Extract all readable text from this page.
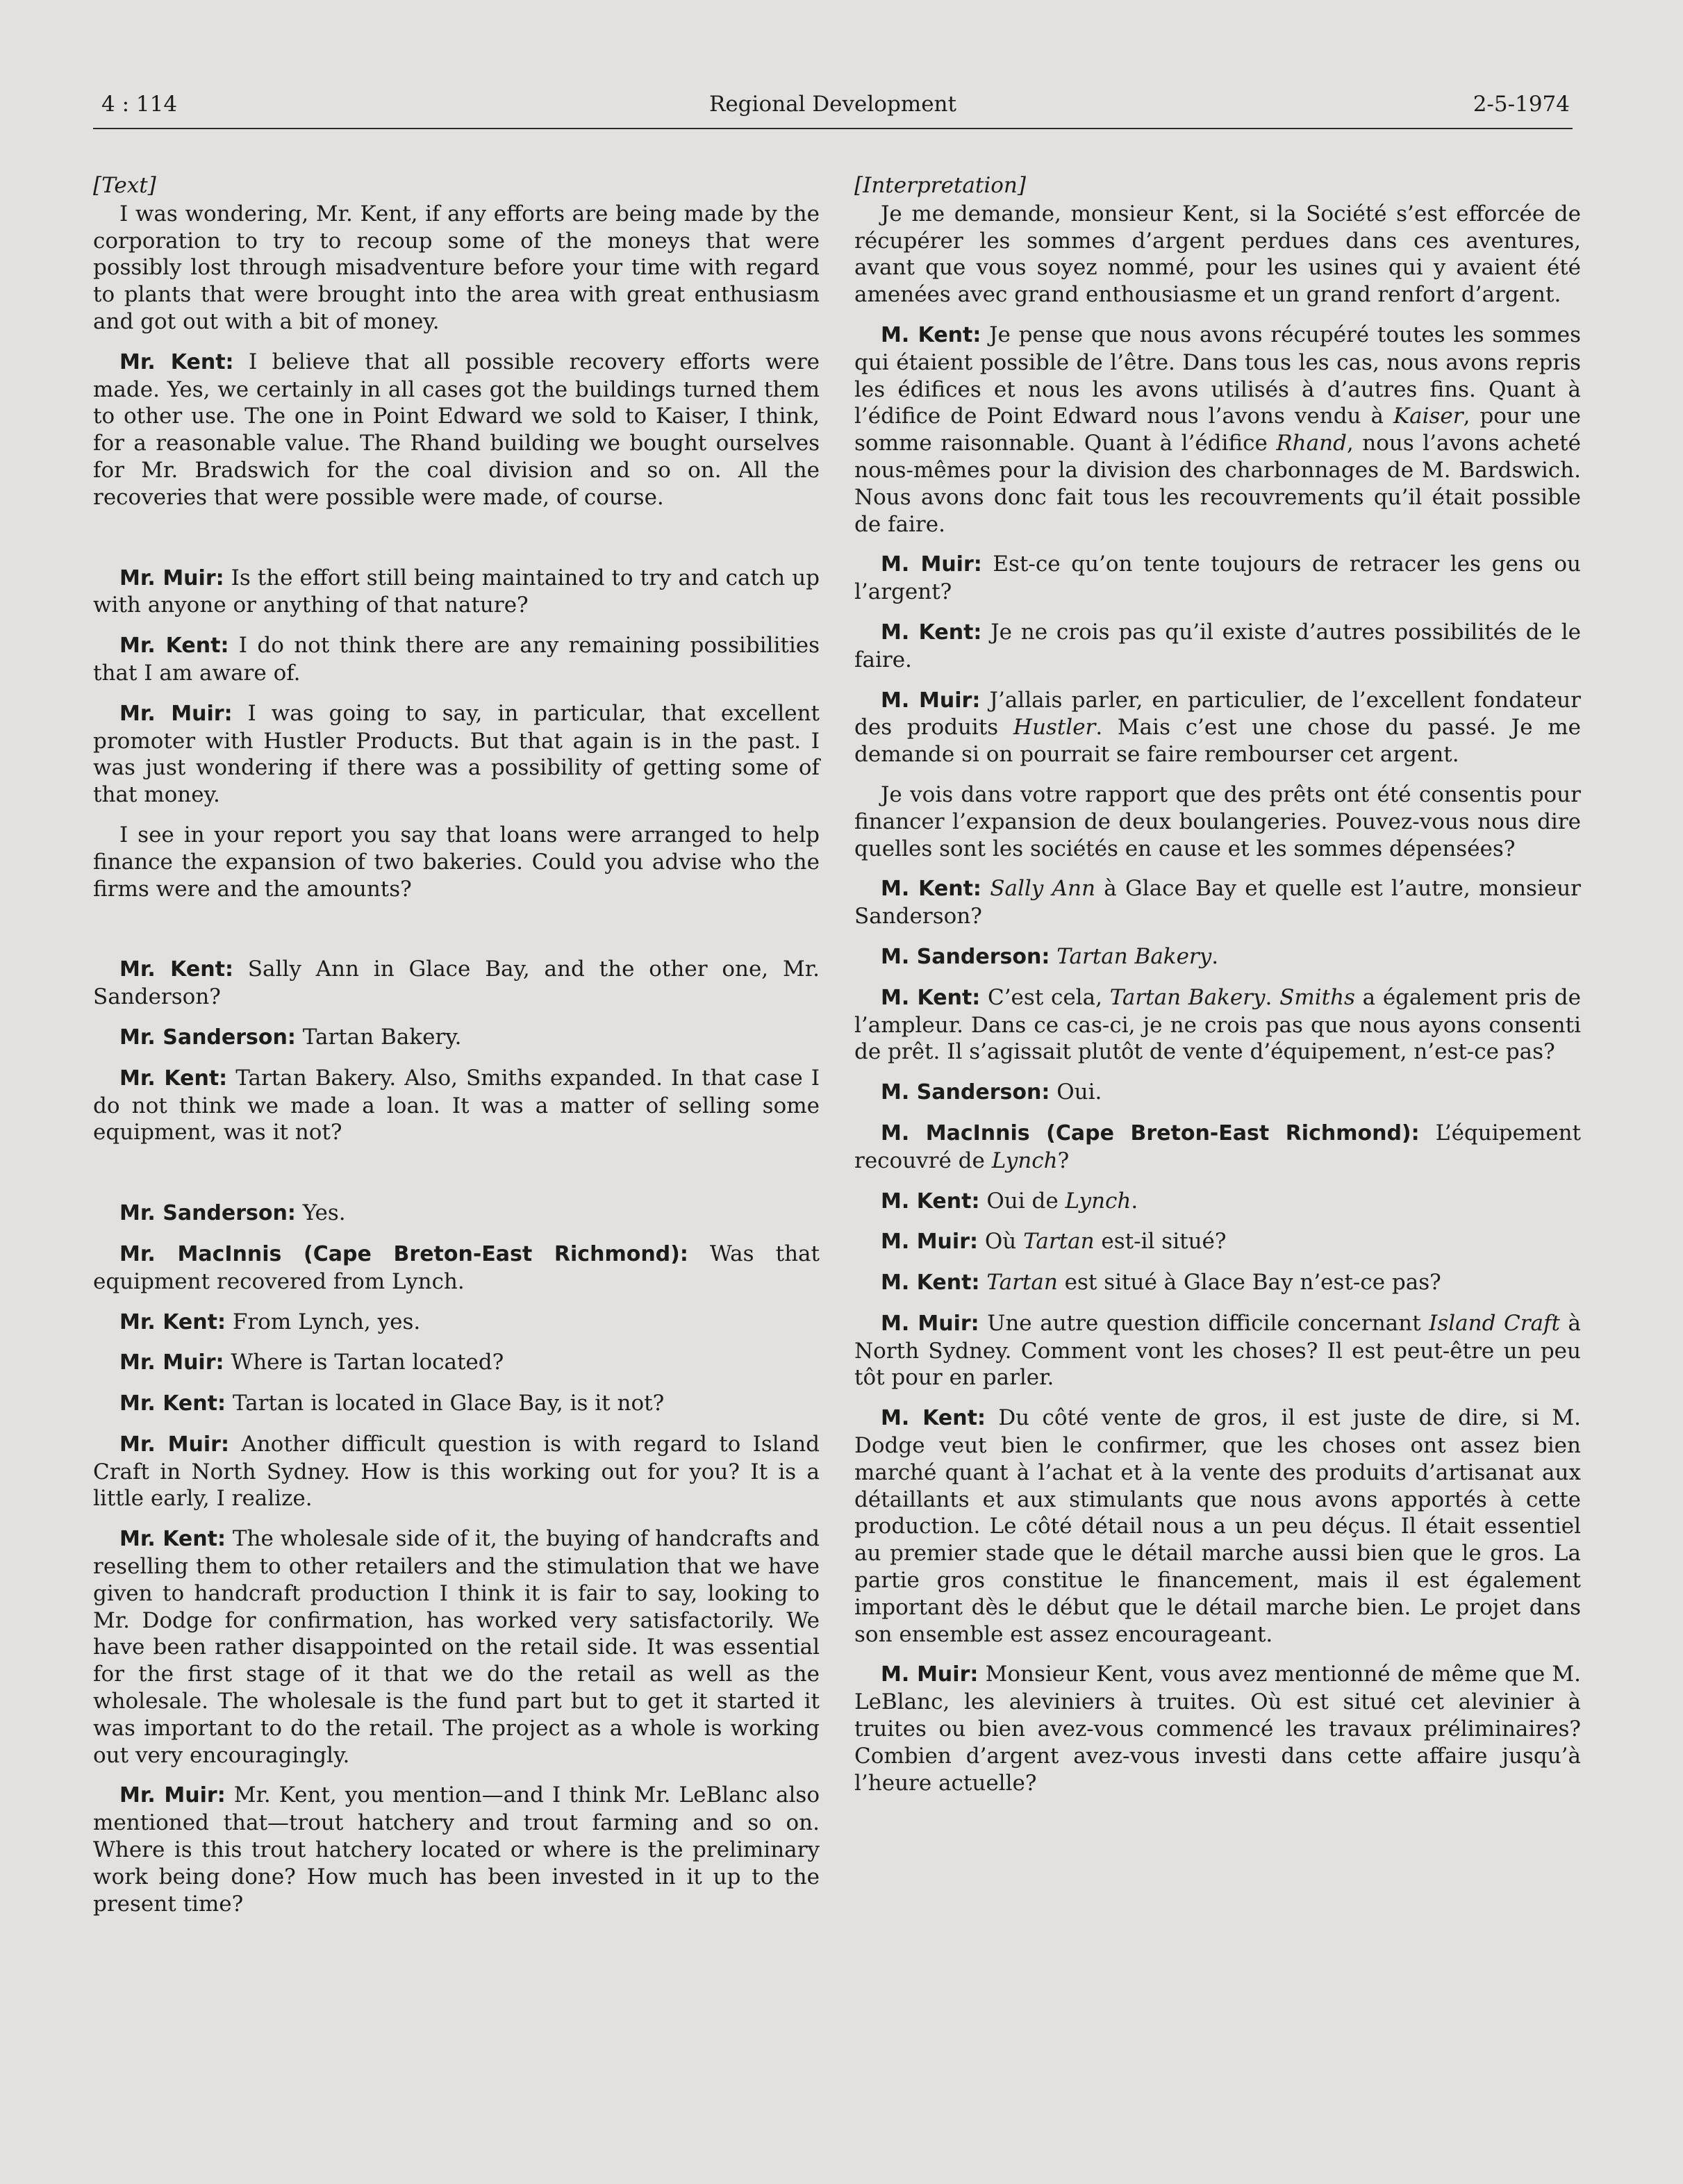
4 : 114	Regional Development	2-5-1974
[Text]

I was wondering, Mr. Kent, if any efforts are being made by the corporation to try to recoup some of the moneys that were possibly lost through misadventure before your time with regard to plants that were brought into the area with great enthusiasm and got out with a bit of money.

Mr. Kent: I believe that all possible recovery efforts were made. Yes, we certainly in all cases got the buildings turned them to other use. The one in Point Edward we sold to Kaiser, I think, for a reasonable value. The Rhand building we bought ourselves for Mr. Bradswich for the coal division and so on. All the recoveries that were possible were made, of course.

Mr. Muir: Is the effort still being maintained to try and catch up with anyone or anything of that nature?

Mr. Kent: I do not think there are any remaining possibilities that I am aware of.

Mr. Muir: I was going to say, in particular, that excellent promoter with Hustler Products. But that again is in the past. I was just wondering if there was a possibility of getting some of that money.

I see in your report you say that loans were arranged to help finance the expansion of two bakeries. Could you advise who the firms were and the amounts?

Mr. Kent: Sally Ann in Glace Bay, and the other one, Mr. Sanderson?

Mr. Sanderson: Tartan Bakery.

Mr. Kent: Tartan Bakery. Also, Smiths expanded. In that case I do not think we made a loan. It was a matter of selling some equipment, was it not?

Mr. Sanderson: Yes.

Mr. MacInnis (Cape Breton-East Richmond): Was that equipment recovered from Lynch.

Mr. Kent: From Lynch, yes.

Mr. Muir: Where is Tartan located?

Mr. Kent: Tartan is located in Glace Bay, is it not?

Mr. Muir: Another difficult question is with regard to Island Craft in North Sydney. How is this working out for you? It is a little early, I realize.

Mr. Kent: The wholesale side of it, the buying of handcrafts and reselling them to other retailers and the stimulation that we have given to handcraft production I think it is fair to say, looking to Mr. Dodge for confirmation, has worked very satisfactorily. We have been rather disappointed on the retail side. It was essential for the first stage of it that we do the retail as well as the wholesale. The wholesale is the fund part but to get it started it was important to do the retail. The project as a whole is working out very encouragingly.

Mr. Muir: Mr. Kent, you mention—and I think Mr. LeBlanc also mentioned that—trout hatchery and trout farming and so on. Where is this trout hatchery located or where is the preliminary work being done? How much has been invested in it up to the present time?

[Interpretation]

Je me demande, monsieur Kent, si la Société s’est efforcée de récupérer les sommes d’argent perdues dans ces aventures, avant que vous soyez nommé, pour les usines qui y avaient été amenées avec grand enthousiasme et un grand renfort d’argent.

M. Kent: Je pense que nous avons récupéré toutes les sommes qui étaient possible de l’être. Dans tous les cas, nous avons repris les édifices et nous les avons utilisés à d’autres fins. Quant à l’édifice de Point Edward nous l’avons vendu à Kaiser, pour une somme raisonnable. Quant à l’édifice Rhand, nous l’avons acheté nous-mêmes pour la division des charbonnages de M. Bardswich. Nous avons donc fait tous les recouvrements qu’il était possible de faire.

M. Muir: Est-ce qu’on tente toujours de retracer les gens ou l’argent?

M. Kent: Je ne crois pas qu’il existe d’autres possibilités de le faire.

M. Muir: J’allais parler, en particulier, de l’excellent fondateur des produits Hustler. Mais c’est une chose du passé. Je me demande si on pourrait se faire rembourser cet argent.

Je vois dans votre rapport que des prêts ont été consentis pour financer l’expansion de deux boulangeries. Pouvez-vous nous dire quelles sont les sociétés en cause et les sommes dépensées?

M. Kent: Sally Ann à Glace Bay et quelle est l’autre, monsieur Sanderson?

M. Sanderson: Tartan Bakery.

M. Kent: C’est cela, Tartan Bakery. Smiths a également pris de l’ampleur. Dans ce cas-ci, je ne crois pas que nous ayons consenti de prêt. Il s’agissait plutôt de vente d’équipement, n’est-ce pas?

M. Sanderson: Oui.

M. MacInnis (Cape Breton-East Richmond): L’équipement recouvré de Lynch?

M. Kent: Oui de Lynch.

M. Muir: Où Tartan est-il situé?

M. Kent: Tartan est situé à Glace Bay n’est-ce pas?

M. Muir: Une autre question difficile concernant Island Craft à North Sydney. Comment vont les choses? Il est peut-être un peu tôt pour en parler.

M. Kent: Du côté vente de gros, il est juste de dire, si M. Dodge veut bien le confirmer, que les choses ont assez bien marché quant à l’achat et à la vente des produits d’artisanat aux détaillants et aux stimulants que nous avons apportés à cette production. Le côté détail nous a un peu déçus. Il était essentiel au premier stade que le détail marche aussi bien que le gros. La partie gros constitue le financement, mais il est également important dès le début que le détail marche bien. Le projet dans son ensemble est assez encourageant.

M. Muir: Monsieur Kent, vous avez mentionné de même que M. LeBlanc, les aleviniers à truites. Où est situé cet alevinier à truites ou bien avez-vous commencé les travaux préliminaires? Combien d’argent avez-vous investi dans cette affaire jusqu’à l’heure actuelle?
